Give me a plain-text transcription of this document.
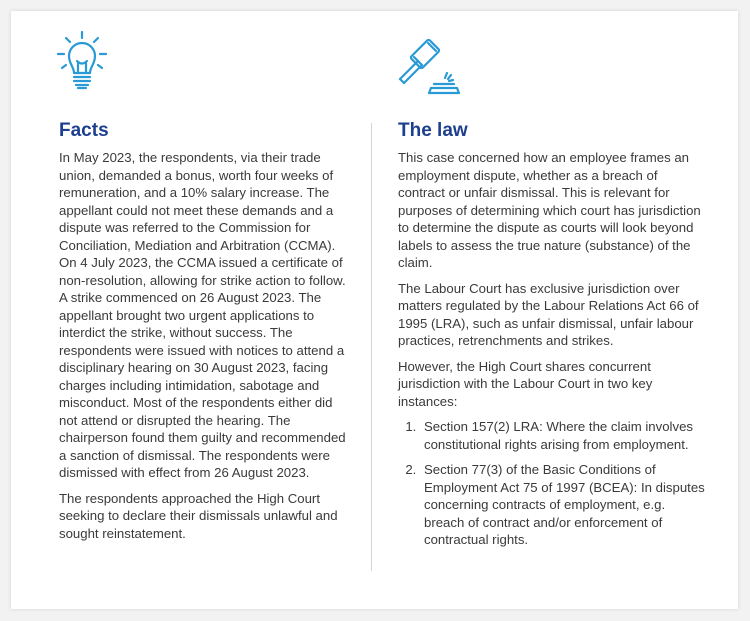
Facts

In May 2023, the respondents, via their trade union, demanded a bonus, worth four weeks of remuneration, and a 10% salary increase. The appellant could not meet these demands and a dispute was referred to the Commission for Conciliation, Mediation and Arbitration (CCMA). On 4 July 2023, the CCMA issued a certificate of non-resolution, allowing for strike action to follow. A strike commenced on 26 August 2023. The appellant brought two urgent applications to interdict the strike, without success. The respondents were issued with notices to attend a disciplinary hearing on 30 August 2023, facing charges including intimidation, sabotage and misconduct. Most of the respondents either did not attend or disrupted the hearing. The chairperson found them guilty and recommended a sanction of dismissal. The respondents were dismissed with effect from 26 August 2023.

The respondents approached the High Court seeking to declare their dismissals unlawful and sought reinstatement.

The law

This case concerned how an employee frames an employment dispute, whether as a breach of contract or unfair dismissal. This is relevant for purposes of determining which court has jurisdiction to determine the dispute as courts will look beyond labels to assess the true nature (substance) of the claim.

The Labour Court has exclusive jurisdiction over matters regulated by the Labour Relations Act 66 of 1995 (LRA), such as unfair dismissal, unfair labour practices, retrenchments and strikes.

However, the High Court shares concurrent jurisdiction with the Labour Court in two key instances:

1. Section 157(2) LRA: Where the claim involves constitutional rights arising from employment.
2. Section 77(3) of the Basic Conditions of Employment Act 75 of 1997 (BCEA): In disputes concerning contracts of employment, e.g. breach of contract and/or enforcement of contractual rights.
